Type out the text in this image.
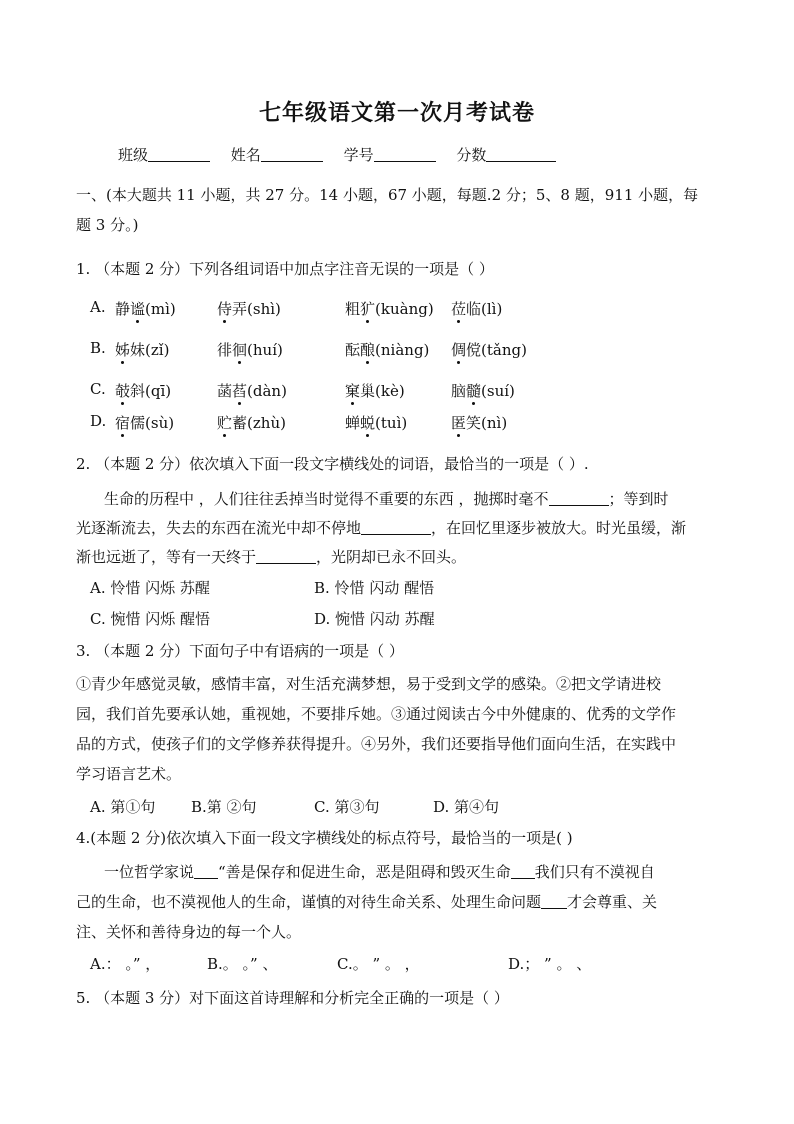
七年级语文第一次月考试卷
班级	姓名	学号	分数
一、(本大题共 11 小题，共 27 分。14 小题，67 小题，每题.2 分；5、8 题，911 小题，每
题 3 分。)
1. （本题 2 分）下列各组词语中加点字注音无误的一项是（ ）
A. 静谧(mì)	侍弄(shì)	粗犷(kuàng) 莅临(lì)
B. 姊妹(zǐ)	徘徊(huí)	酝酿(niàng) 倜傥(tǎng)
C. 攲斜(qī)	菡萏(dàn)	窠巢(kè)	脑髓(suí)
D. 宿儒(sù)	贮蓄(zhù)	蝉蜕(tuì)	匿笑(nì)
2. （本题 2 分）依次填入下面一段文字横线处的词语，最恰当的一项是（ ）.
生命的历程中 ，人们往往丢掉当时觉得不重要的东西 ，抛掷时毫不	；等到时
光逐渐流去，失去的东西在流光中却不停地	，在回忆里逐步被放大。时光虽缓，渐
渐也远逝了，等有一天终于	，光阴却已永不回头。
A. 怜惜 闪烁 苏醒	B. 怜惜 闪动 醒悟
C. 惋惜 闪烁 醒悟	D. 惋惜 闪动 苏醒
3. （本题 2 分）下面句子中有语病的一项是（ ）
①青少年感觉灵敏，感情丰富，对生活充满梦想，易于受到文学的感染。②把文学请进校
园，我们首先要承认她，重视她，不要排斥她。③通过阅读古今中外健康的、优秀的文学作
品的方式，使孩子们的文学修养获得提升。④另外，我们还要指导他们面向生活，在实践中
学习语言艺术。
A. 第①句 B.第 ②句	C. 第③句	D. 第④句
4.(本题 2 分)依次填入下面一段文字横线处的标点符号，最恰当的一项是( )
一位哲学家说 “善是保存和促进生命，恶是阻碍和毁灭生命 我们只有不漠视自
己的生命，也不漠视他人的生命，谨慎的对待生命关系、处理生命问题 才会尊重、关
注、关怀和善待身边的每一个人。
A.： 。” ，	B.。 。” 、	C.。 ” 。 ，	D.； ” 。 、
5. （本题 3 分）对下面这首诗理解和分析完全正确的一项是（ ）
